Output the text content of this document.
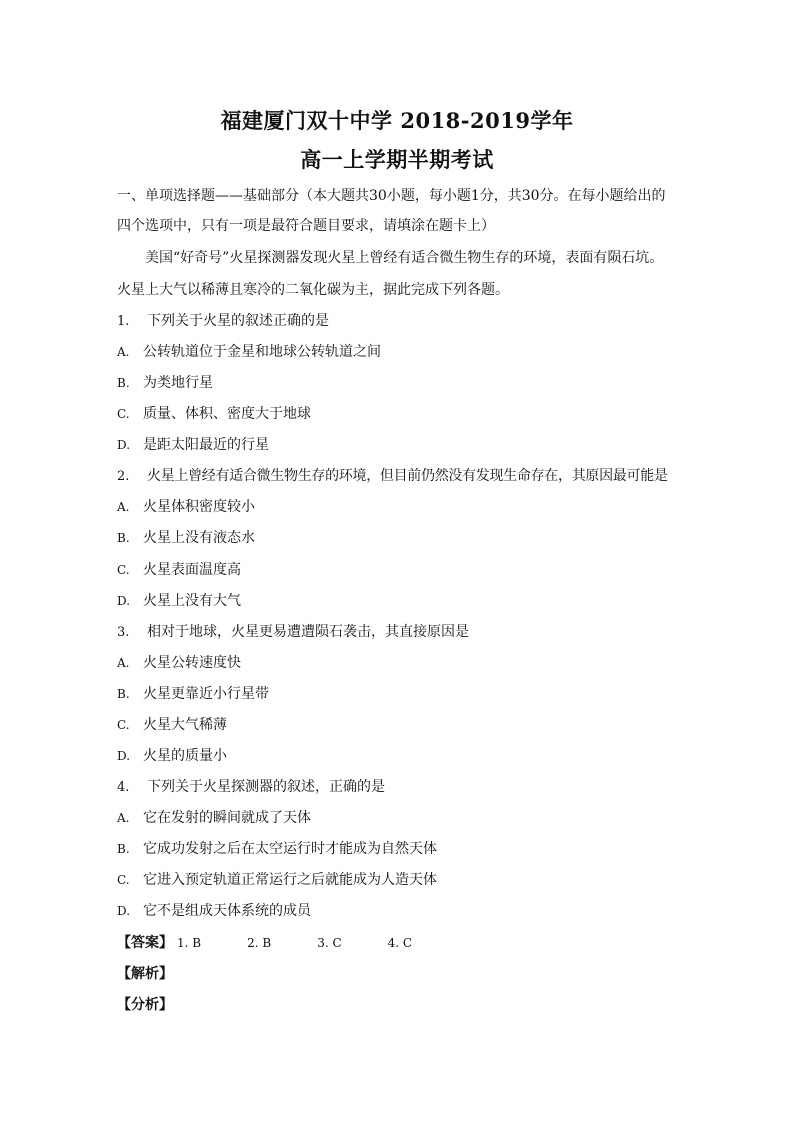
福建厦门双十中学 2018-2019学年
高一上学期半期考试
一、单项选择题——基础部分（本大题共30小题，每小题1分，共30分。在每小题给出的
四个选项中，只有一项是最符合题目要求，请填涂在题卡上）
美国“好奇号”火星探测器发现火星上曾经有适合微生物生存的环境，表面有陨石坑。
火星上大气以稀薄且寒冷的二氧化碳为主，据此完成下列各题。
1. 下列关于火星的叙述正确的是
A. 公转轨道位于金星和地球公转轨道之间
B. 为类地行星
C. 质量、体积、密度大于地球
D. 是距太阳最近的行星
2. 火星上曾经有适合微生物生存的环境，但目前仍然没有发现生命存在，其原因最可能是
A. 火星体积密度较小
B. 火星上没有液态水
C. 火星表面温度高
D. 火星上没有大气
3. 相对于地球，火星更易遭遭陨石袭击，其直接原因是
A. 火星公转速度快
B. 火星更靠近小行星带
C. 火星大气稀薄
D. 火星的质量小
4. 下列关于火星探测器的叙述，正确的是
A. 它在发射的瞬间就成了天体
B. 它成功发射之后在太空运行时才能成为自然天体
C. 它进入预定轨道正常运行之后就能成为人造天体
D. 它不是组成天体系统的成员
【答案】 1. B	2. B	3. C	4. C
【解析】
【分析】
